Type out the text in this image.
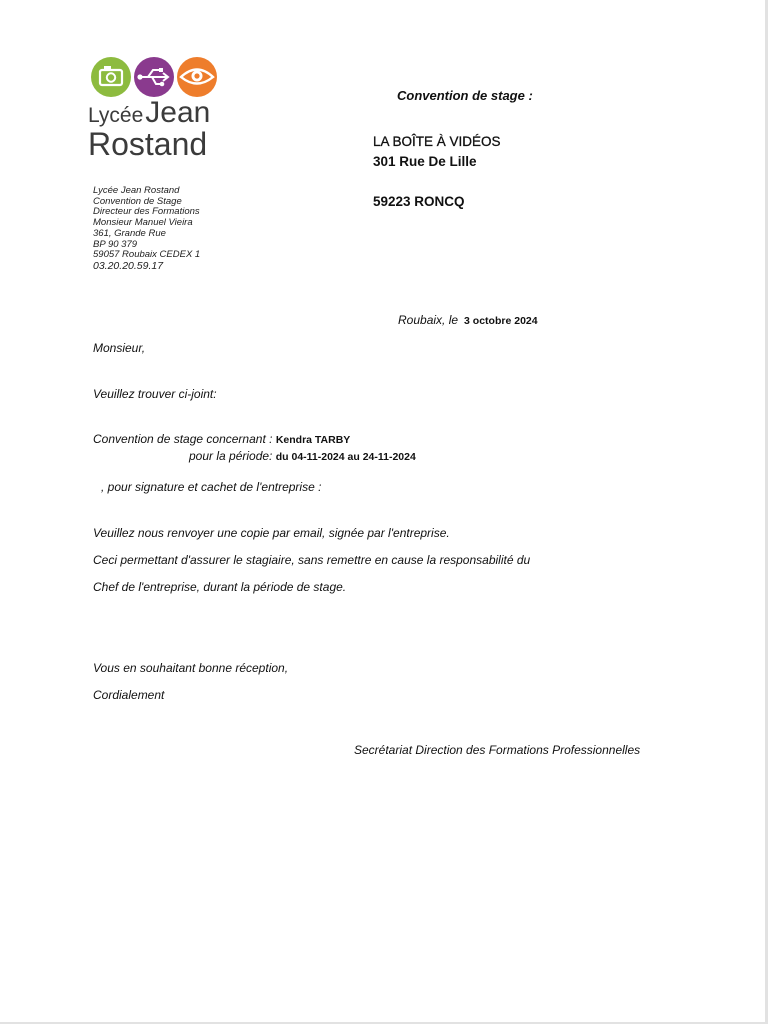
LycéeJean
Rostand
Lycée Jean Rostand
Convention de Stage
Directeur des Formations
Monsieur Manuel Vieira
361, Grande Rue
BP 90 379
59057 Roubaix CEDEX 1
03.20.20.59.17
Convention de stage :
LA BOÎTE À VIDÉOS
301 Rue De Lille
59223 RONCQ
Roubaix, le 3 octobre 2024
Monsieur,
Veuillez trouver ci-joint:
Convention de stage concernant : Kendra TARBY
pour la période: du 04-11-2024 au 24-11-2024
, pour signature et cachet de l'entreprise :
Veuillez nous renvoyer une copie par email, signée par l'entreprise.
Ceci permettant d'assurer le stagiaire, sans remettre en cause la responsabilité du
Chef de l'entreprise, durant la période de stage.
Vous en souhaitant bonne réception,
Cordialement
Secrétariat Direction des Formations Professionnelles
